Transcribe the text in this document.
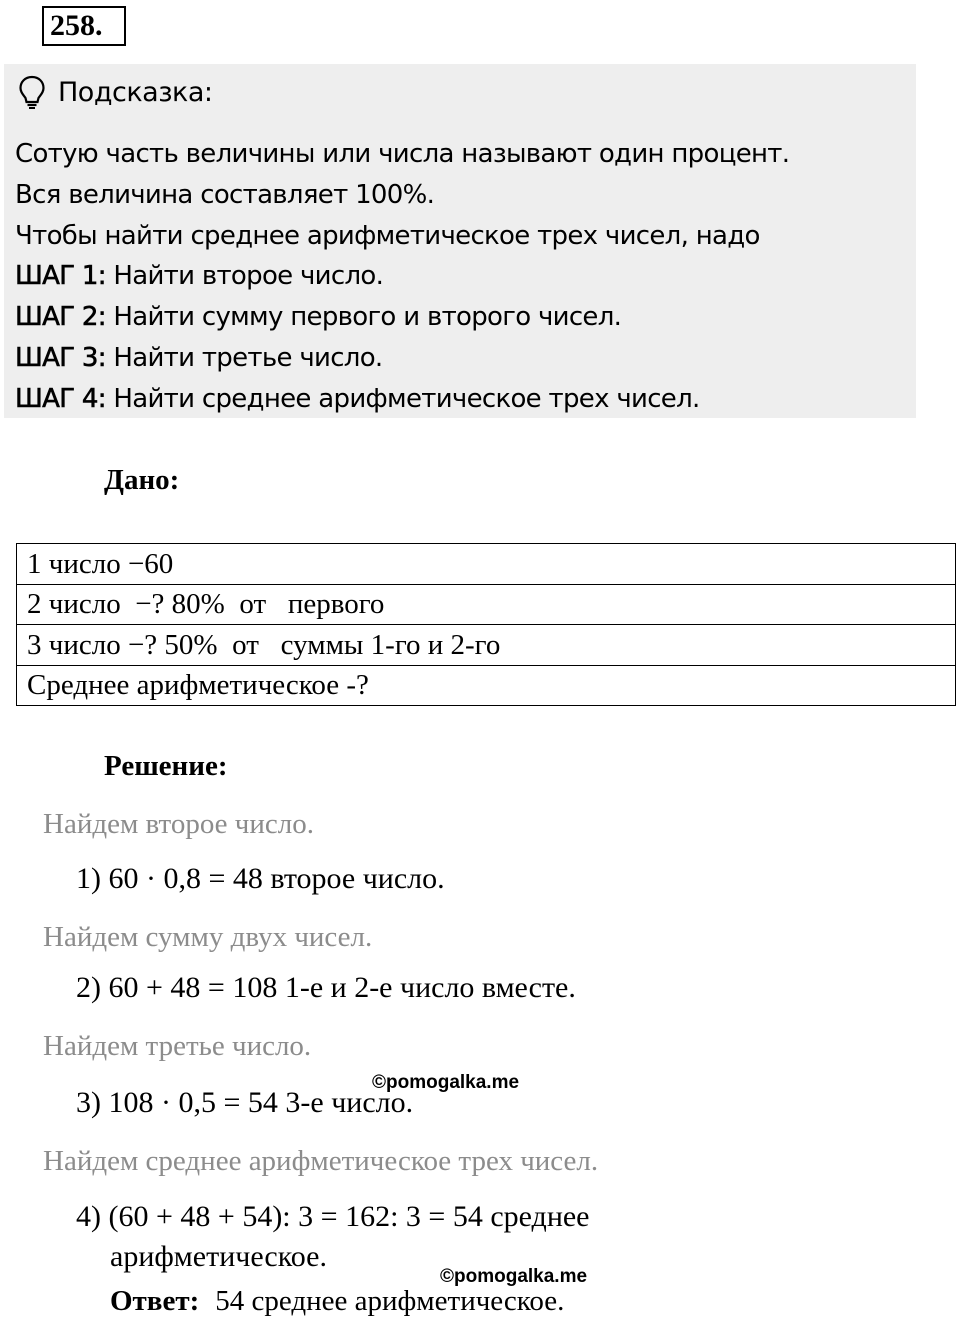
258.
Подсказка:
Сотую часть величины или числа называют один процент.
Вся величина составляет 100%.
Чтобы найти среднее арифметическое трех чисел, надо
ШАГ 1: Найти второе число.
ШАГ 2: Найти сумму первого и второго чисел.
ШАГ 3: Найти третье число.
ШАГ 4: Найти среднее арифметическое трех чисел.
Дано:
1 число −60
2 число  −? 80%  от   первого
3 число −? 50%  от   суммы 1-го и 2-го
Среднее арифметическое -?
Решение:
Найдем второе число.
1) 60 · 0,8 = 48 второе число.
Найдем сумму двух чисел.
2) 60 + 48 = 108 1-е и 2-е число вместе.
Найдем третье число.
©pomogalka.me
3) 108 · 0,5 = 54 3-е число.
Найдем среднее арифметическое трех чисел.
4) (60 + 48 + 54): 3 = 162: 3 = 54 среднее
арифметическое.
©pomogalka.me
Ответ: 54 среднее арифметическое.
